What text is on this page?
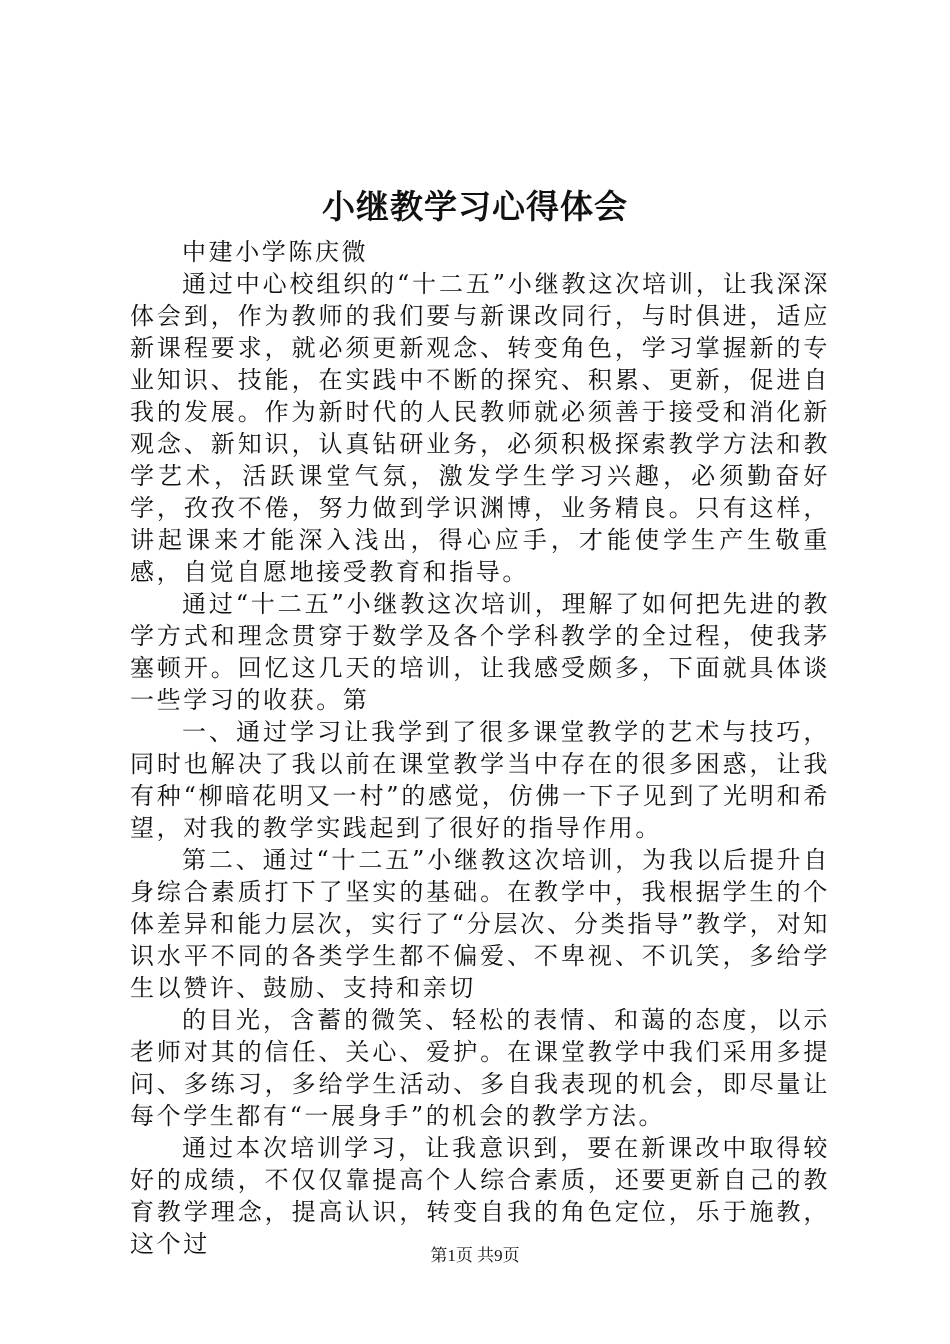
小继教学习心得体会

中建小学陈庆微

通过中心校组织的“十二五”小继教这次培训，让我深深体会到，作为教师的我们要与新课改同行，与时俱进，适应新课程要求，就必须更新观念、转变角色，学习掌握新的专业知识、技能，在实践中不断的探究、积累、更新，促进自我的发展。作为新时代的人民教师就必须善于接受和消化新观念、新知识，认真钻研业务，必须积极探索教学方法和教学艺术，活跃课堂气氛，激发学生学习兴趣，必须勤奋好学，孜孜不倦，努力做到学识渊博，业务精良。只有这样，讲起课来才能深入浅出，得心应手，才能使学生产生敬重感，自觉自愿地接受教育和指导。

通过“十二五”小继教这次培训，理解了如何把先进的教学方式和理念贯穿于数学及各个学科教学的全过程，使我茅塞顿开。回忆这几天的培训，让我感受颇多，下面就具体谈一些学习的收获。第

一、通过学习让我学到了很多课堂教学的艺术与技巧，同时也解决了我以前在课堂教学当中存在的很多困惑，让我有种“柳暗花明又一村”的感觉，仿佛一下子见到了光明和希望，对我的教学实践起到了很好的指导作用。

第二、通过“十二五”小继教这次培训，为我以后提升自身综合素质打下了坚实的基础。在教学中，我根据学生的个体差异和能力层次，实行了“分层次、分类指导”教学，对知识水平不同的各类学生都不偏爱、不卑视、不讥笑，多给学生以赞许、鼓励、支持和亲切

的目光，含蓄的微笑、轻松的表情、和蔼的态度，以示老师对其的信任、关心、爱护。在课堂教学中我们采用多提问、多练习，多给学生活动、多自我表现的机会，即尽量让每个学生都有“一展身手”的机会的教学方法。

通过本次培训学习，让我意识到，要在新课改中取得较好的成绩，不仅仅靠提高个人综合素质，还要更新自己的教育教学理念，提高认识，转变自我的角色定位，乐于施教，这个过	第1页 共9页
